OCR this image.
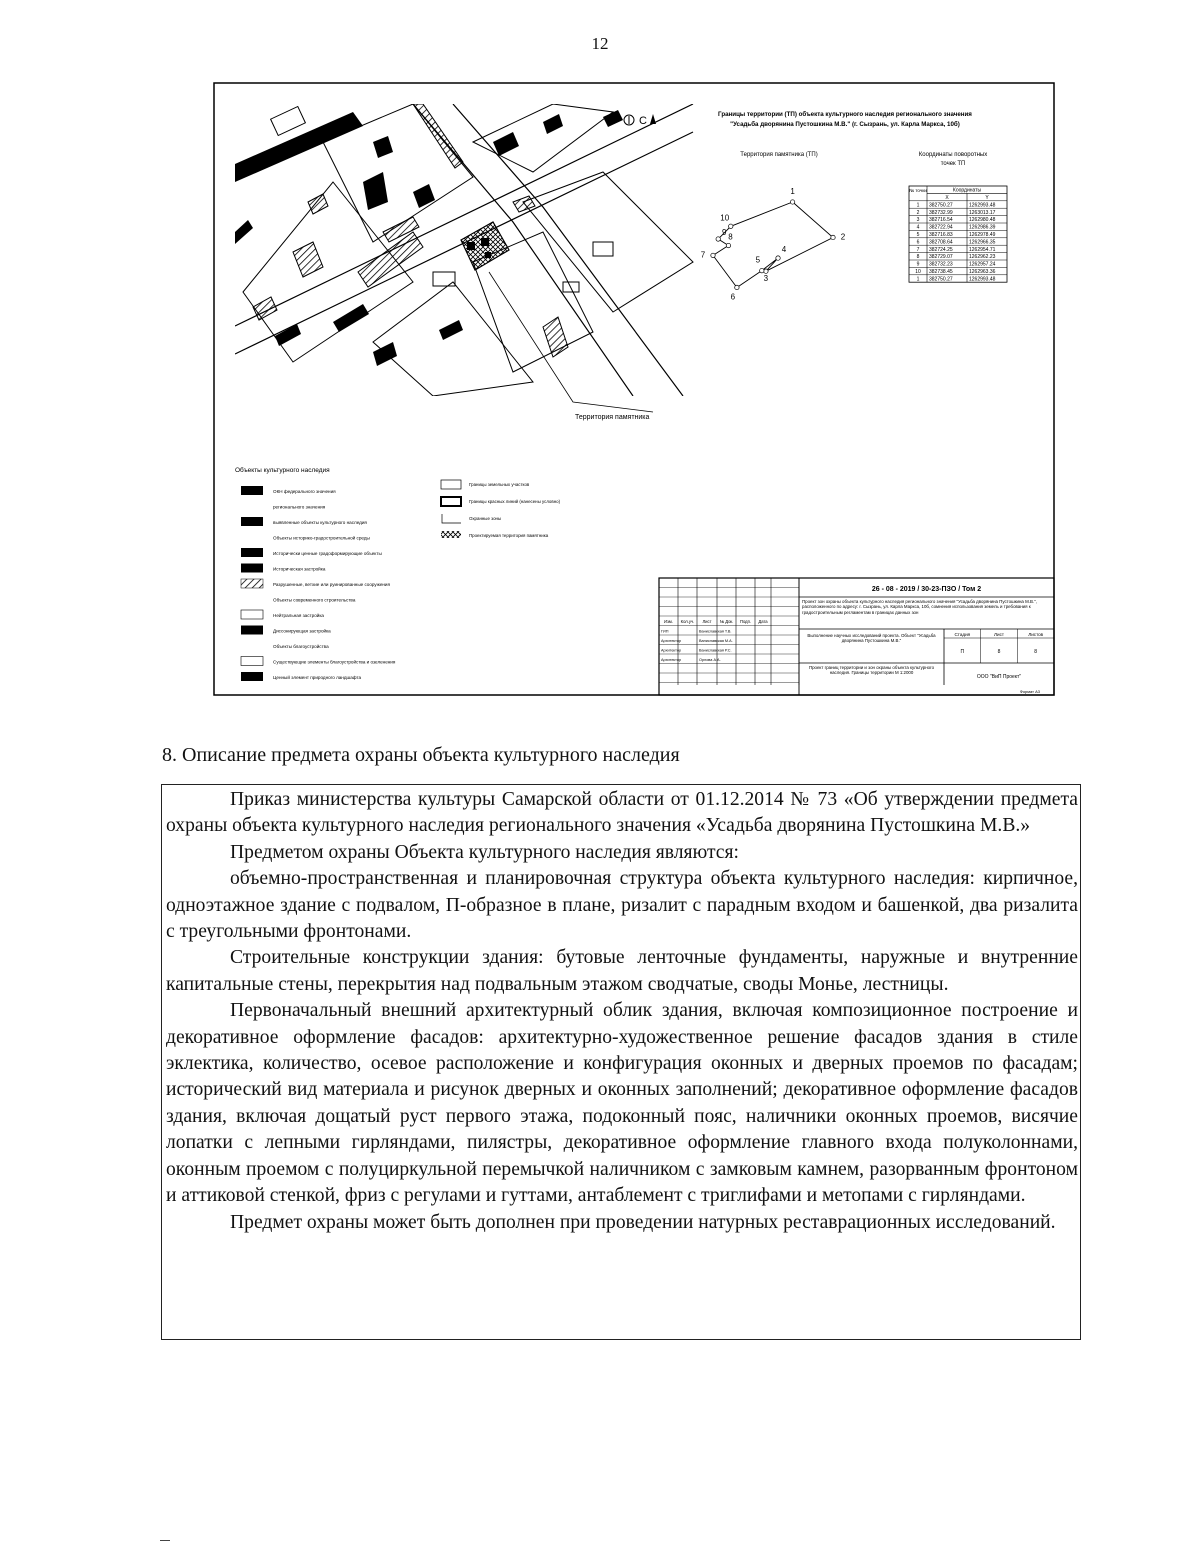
12
Территория памятника
С
Границы территории (ТП) объекта культурного наследия регионального значения
"Усадьба дворянина Пустошкина М.В." (г. Сызрань, ул. Карла Маркса, 10б)
Территория памятника (ТП)	Координаты поворотных
точек ТП
1
2
3
4
5
6
7
8
9
10
№ точки	Координаты
X	Y
1 382750.27	1262993.48
2 382732.99	1263013.17
3 382716.54	1262980.48
4 382722.94	1262986.39
5 382716.83	1262978.49
6 382708.64	1262966.35
7 382724.25	1262954.71
8 382729.07	1262962.23
9 382732.23	1262957.24
10 382738.45	1262963.36
1 382750.27	1262993.48
Объекты культурного наследия
ОКН федерального значения
регионального значения
выявленные объекты культурного наследия
Объекты историко-градостроительной среды
Исторически ценные градоформирующие объекты
Историческая застройка
Разрушенные, ветхие или руинированные сооружения
Объекты современного строительства
Нейтральная застройка
Диссонирующая застройка
Объекты благоустройства
Существующие элементы благоустройства и озеленения
Ценный элемент природного ландшафта
Границы земельных участков
Границы красных линий (нанесены условно)
Охранные зоны
Проектируемая территория памятника
26 - 08 - 2019 / 30-23-ПЗО / Том 2
Проект зон охраны объекта культурного наследия регионального значения "Усадьба дворянина Пустошкина М.В.", расположенного по адресу: г. Сызрань, ул. Карла Маркса, 10б, сомнения использования земель и требования к градостроительным регламентам в границах данных зон
Изм. Кол.уч. Лист № Док. Подп. Дата
ГИП	Ваниславская Т.В.
Архитектор	Ваниславская М.А.
Архитектор	Ваниславская Р.С.
Архитектор	Орлова А.А.
Выполнение научных исследований проекта. Объект "Усадьба дворянина Пустошкина М.В."
Стадия	Лист	Листов
П	8	8
Проект границ территории и зон охраны объекта культурного наследия. Границы территории М 1:2000
ООО "ВиП Проект"
Формат А3
8. Описание предмета охраны объекта культурного наследия

Приказ министерства культуры Самарской области от 01.12.2014 № 73 «Об утверждении предмета охраны объекта культурного наследия регионального значения «Усадьба дворянина Пустошкина М.В.»

Предметом охраны Объекта культурного наследия являются:

объемно-пространственная и планировочная структура объекта культурного наследия: кирпичное, одноэтажное здание с подвалом, П-образное в плане, ризалит с парадным входом и башенкой, два ризалита с треугольными фронтонами.

Строительные конструкции здания: бутовые ленточные фундаменты, наружные и внутренние капитальные стены, перекрытия над подвальным этажом сводчатые, своды Монье, лестницы.

Первоначальный внешний архитектурный облик здания, включая композиционное построение и декоративное оформление фасадов: архитектурно-художественное решение фасадов здания в стиле эклектика, количество, осевое расположение и конфигурация оконных и дверных проемов по фасадам; исторический вид материала и рисунок дверных и оконных заполнений; декоративное оформление фасадов здания, включая дощатый руст первого этажа, подоконный пояс, наличники оконных проемов, висячие лопатки с лепными гирляндами, пилястры, декоративное оформление главного входа полуколоннами, оконным проемом с полуциркульной перемычкой наличником с замковым камнем, разорванным фронтоном и аттиковой стенкой, фриз с регулами и гуттами, антаблемент с триглифами и метопами с гирляндами.

Предмет охраны может быть дополнен при проведении натурных реставрационных исследований.
